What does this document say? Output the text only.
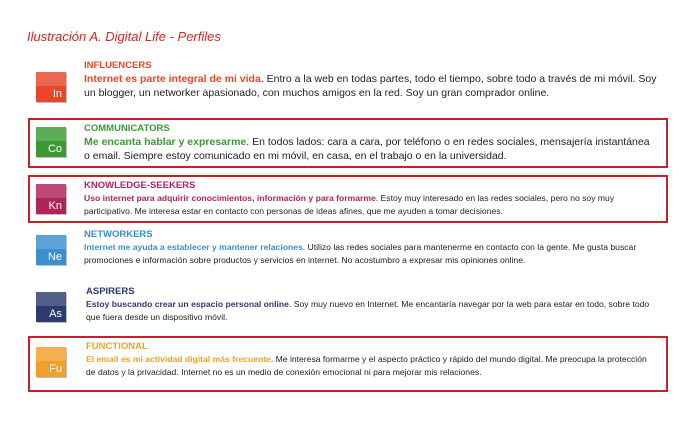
Ilustración A. Digital Life - Perfiles
In
INFLUENCERS

Internet es parte integral de mi vida. Entro a la web en todas partes, todo el tiempo, sobre todo a través de mi móvil. Soy un blogger, un networker apasionado, con muchos amigos en la red. Soy un gran comprador online.

Co
COMMUNICATORS

Me encanta hablar y expresarme. En todos lados: cara a cara, por teléfono o en redes sociales, mensajería instantánea o email. Siempre estoy comunicado en mi móvil, en casa, en el trabajo o en la universidad.

Kn
KNOWLEDGE-SEEKERS

Uso internet para adquirir conocimientos, información y para formarme. Estoy muy interesado en las redes sociales, pero no soy muy participativo. Me interesa estar en contacto con personas de ideas afines, que me ayuden a tomar decisiones.

Ne
NETWORKERS

Internet me ayuda a establecer y mantener relaciones. Utilizo las redes sociales para mantenerme en contacto con la gente. Me gusta buscar promociones e información sobre productos y servicios en internet. No acostumbro a expresar mis opiniones online.

As
ASPIRERS

Estoy buscando crear un espacio personal online. Soy muy nuevo en Internet. Me encantaría navegar por la web para estar en todo, sobre todo que fuera desde un dispositivo móvil.

Fu
FUNCTIONAL

El email es mi actividad digital más frecuente. Me interesa formarme y el aspecto práctico y rápido del mundo digital. Me preocupa la protección de datos y la privacidad. Internet no es un medio de conexión emocional ni para mejorar mis relaciones.
